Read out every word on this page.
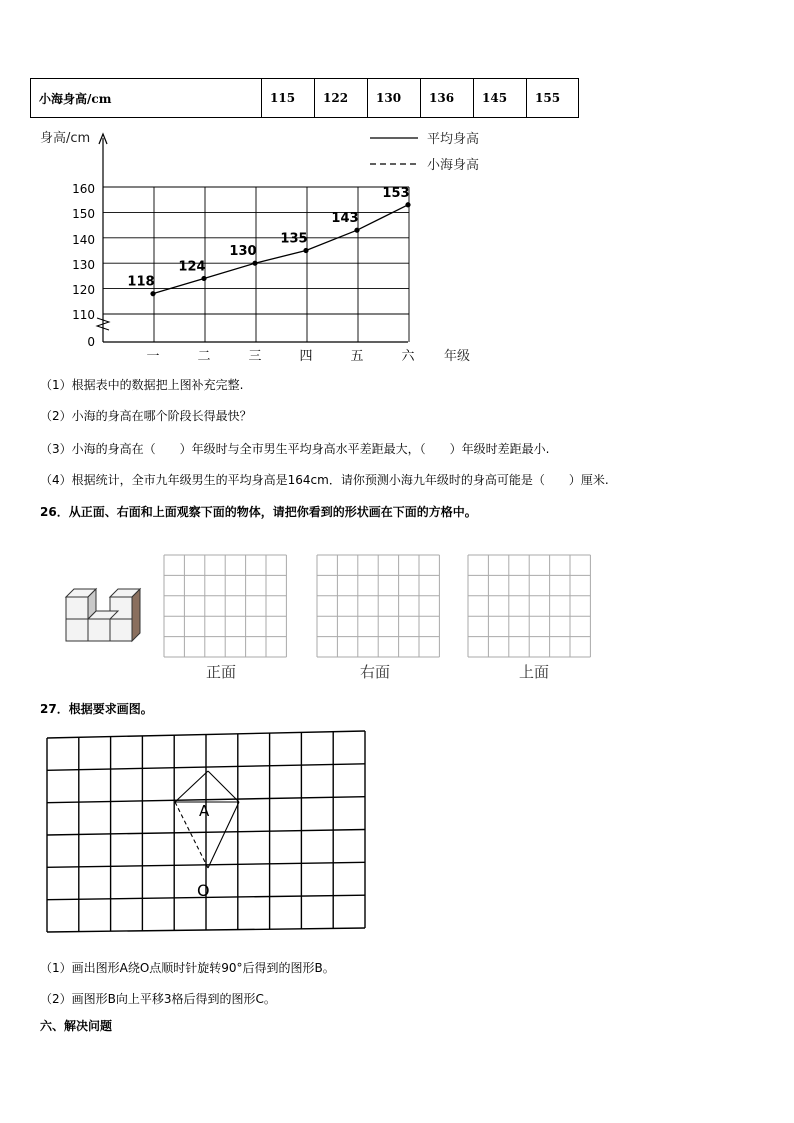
小海身高/cm	115	122	130	136	145	155
身高/cm
年级
平均身高
小海身高
160
150
140
130
120
110
0
一	二	三	四	五	六
118
124
130
135
143
153
（1）根据表中的数据把上图补充完整.
（2）小海的身高在哪个阶段长得最快？
（3）小海的身高在（　　）年级时与全市男生平均身高水平差距最大，（　　）年级时差距最小.
（4）根据统计，全市九年级男生的平均身高是164cm．请你预测小海九年级时的身高可能是（　　）厘米.
26．从正面、右面和上面观察下面的物体，请把你看到的形状画在下面的方格中。
正面	右面	上面
27．根据要求画图。
A
O
（1）画出图形A绕O点顺时针旋转90°后得到的图形B。
（2）画图形B向上平移3格后得到的图形C。
六、解决问题
